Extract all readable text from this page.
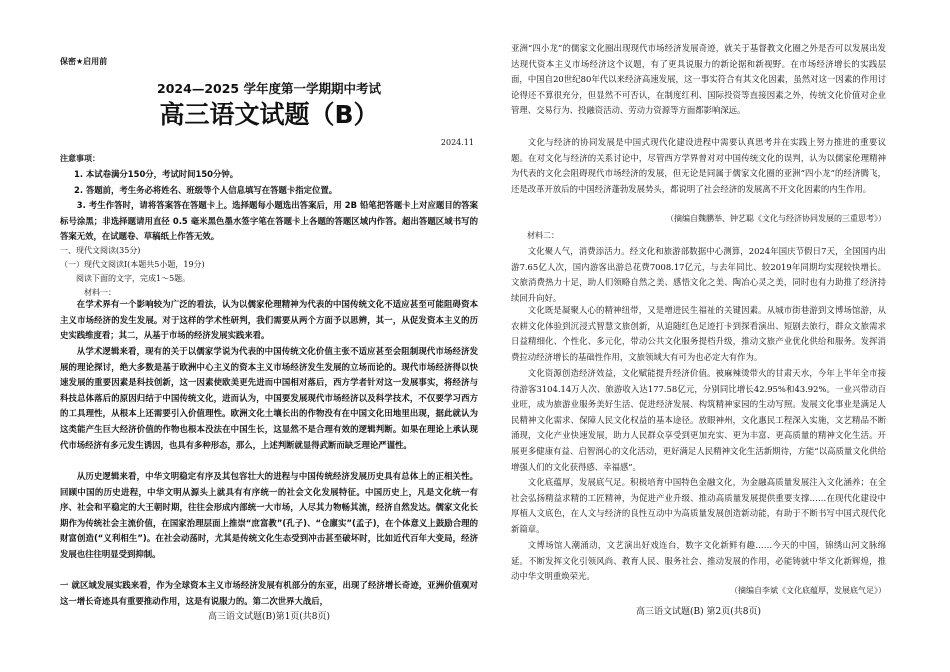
保密★启用前
2024—2025 学年度第一学期期中考试
高三语文试题（B）
2024.11
注意事项：
1. 本试卷满分150分，考试时间150分钟。
2. 答题前，考生务必将姓名、班级等个人信息填写在答题卡指定位置。
3. 考生作答时，请将答案答在答题卡上。选择题每小题选出答案后，用 2B 铅笔把答题卡上对应题目的答案标号涂黑；非选择题请用直径 0.5 毫米黑色墨水签字笔在答题卡上各题的答题区域内作答。超出答题区域书写的答案无效，在试题卷、草稿纸上作答无效。
一、现代文阅读(35分)
（一）现代文阅读Ⅰ(本题共5小题，19分)
阅读下面的文字，完成1～5题。
材料一：
在学术界有一个影响较为广泛的看法，认为以儒家伦理精神为代表的中国传统文化不适应甚至可能阻碍资本主义市场经济的发生发展。对于这样的学术性研判，我们需要从两个方面予以思辨，其一，从促发资本主义的历史实践维度看；其二，从基于市场的经济发展实践来看。
从学术逻辑来看，现有的关于以儒家学说为代表的中国传统文化价值主张不适应甚至会阻制现代市场经济发展的理论探讨，绝大多数是基于欧洲中心主义的资本主义市场经济发生发展的立场而论的。现代市场经济得以快速发展的重要因素是科技创新，这一因素使欧美更先进而中国相对落后，西方学者针对这一发展事实，将经济与科技总体落后的原因归结于中国传统文化，进而认为，中国要发展现代市场经济以及科学技术，不仅要学习西方的工具理性，从根本上还需要引入价值理性。欧洲文化土壤长出的作物没有在中国文化田地里出现，据此就认为这类能产生巨大经济价值的作物也根本没法在中国生长，这显然不是合理有效的逻辑判断。如果在理论上承认现代市场经济有多元发生诱因，也具有多种形态，那么，上述判断就显得武断而缺乏理论严谨性。
从历史逻辑来看，中华文明稳定有序及其包容壮大的进程与中国传统经济发展历史具有总体上的正相关性。回顾中国的历史进程，中华文明从源头上就具有有序统一的社会文化发展特征。中国历史上，凡是文化统一有序、社会和平稳定的大王朝时期，往往会形成内部统一大市场，人尽其力物畅其流，经济自然发达。儒家文化长期作为传统社会主流价值，在国家治理层面上推崇“庶富教”(孔子)、“仓廪实”(孟子)，在个体意义上鼓励合理的财富创造(“义利相生”)。在社会动荡时，尤其是传统文化生态受到冲击甚至破坏时，比如近代百年大变局，经济发展也往往明显受到抑制。
一 就区域发展实践来看，作为全球资本主义市场经济发展有机部分的东亚，出现了经济增长奇迹，亚洲价值观对这一增长奇迹具有重要推动作用，这是有说服力的。第二次世界大战后，
高三语文试题(B)第1页(共8页)
亚洲“四小龙”的儒家文化圈出现现代市场经济发展奇迹，就关于基督教文化圈之外是否可以发展出发达现代资本主义市场经济这个议题，有了更具说服力的新论据和新视野。在市场经济增长的实践层面，中国自20世纪80年代以来经济高速发展，这一事实符合有其文化因素，虽然对这一因素的作用讨论得还不算很充分，但显然不可否认，在制度红利、国际投资等直接因素之外，传统文化价值对企业管理、交易行为、投融资活动、劳动力资源等方面都影响深远。
文化与经济的协同发展是中国式现代化建设进程中需要认真思考并在实践上努力推进的重要议题。在对文化与经济的关系讨论中，尽管西方学界曾对对中国传统文化的误判，认为以儒家伦理精神为代表的文化会阻碍现代市场经济的发展，但无论是同属于儒家文化圈的亚洲“四小龙”的经济腾飞，还是改革开放后的中国经济蓬勃发展势头，都说明了社会经济的发展离不开文化因素的内生作用。
（摘编自魏鹏举、钟艺聪《文化与经济协同发展的三重思考》）
材料二：
文化聚人气，消费添活力。经文化和旅游部数据中心测算，2024年国庆节假日7天，全国国内出游7.65亿人次，国内游客出游总花费7008.17亿元，与去年同比、较2019年同期均实现较快增长。文旅消费热力十足，助人们领略自然之美、感悟文化之美、陶冶心灵之美，同时也有力助推了经济持续回升向好。
文化既是凝聚人心的精神纽带，又是增进民生福祉的关键因素。从城市街巷游到文博场馆游，从农耕文化体验到沉浸式智慧文旅创新，从追随红色足迹打卡到探看演出、短剧去旅行，群众文旅需求日益精细化、个性化、多元化，带动公共文化服务提档升级，推动文旅产业优化供给和服务。发挥消费拉动经济增长的基础性作用，文旅领域大有可为也必定大有作为。
文化资源创造经济效益，文化赋能提升经济价值。被麻辣烫带火的甘肃天水，今年上半年全市接待游客3104.14万人次、旅游收入达177.58亿元，分别同比增长42.95%和43.92%。一业兴带动百业旺，成为旅游业服务美好生活、促进经济发展、构筑精神家园的生动写照。发展文化事业是满足人民精神文化需求、保障人民文化权益的基本途径。放眼神州，文化惠民工程深入实施，文艺精品不断涌现，文化产业快速发展，助力人民群众享受到更加充实、更为丰富、更高质量的精神文化生活。开展更多健康有益、启智润心的文化活动，更好满足人民精神文化生活新期待，方能“以高质量文化供给增强人们的文化获得感、幸福感”。
文化底蕴厚，发展底气足。积极培育中国特色金融文化，为金融高质量发展注入文化涵养；在全社会弘扬精益求精的工匠精神，为促进产业升级、推动高质量发展提供重要支撑……在现代化建设中厚植人文底色，在人文与经济的良性互动中为高质量发展创造新动能，有助于不断书写中国式现代化新篇章。
文博场馆人潮涌动，文艺演出好戏连台，数字文化新鲜有趣……今天的中国，锦绣山河文脉绵延。不断发挥文化引领风尚、教育人民、服务社会、推动发展的作用，必能铸就中华文化新辉煌，推动中华文明重焕荣光。
（摘编自李斌《文化底蕴厚，发展底气足》）
高三语文试题(B) 第2页(共8页)
